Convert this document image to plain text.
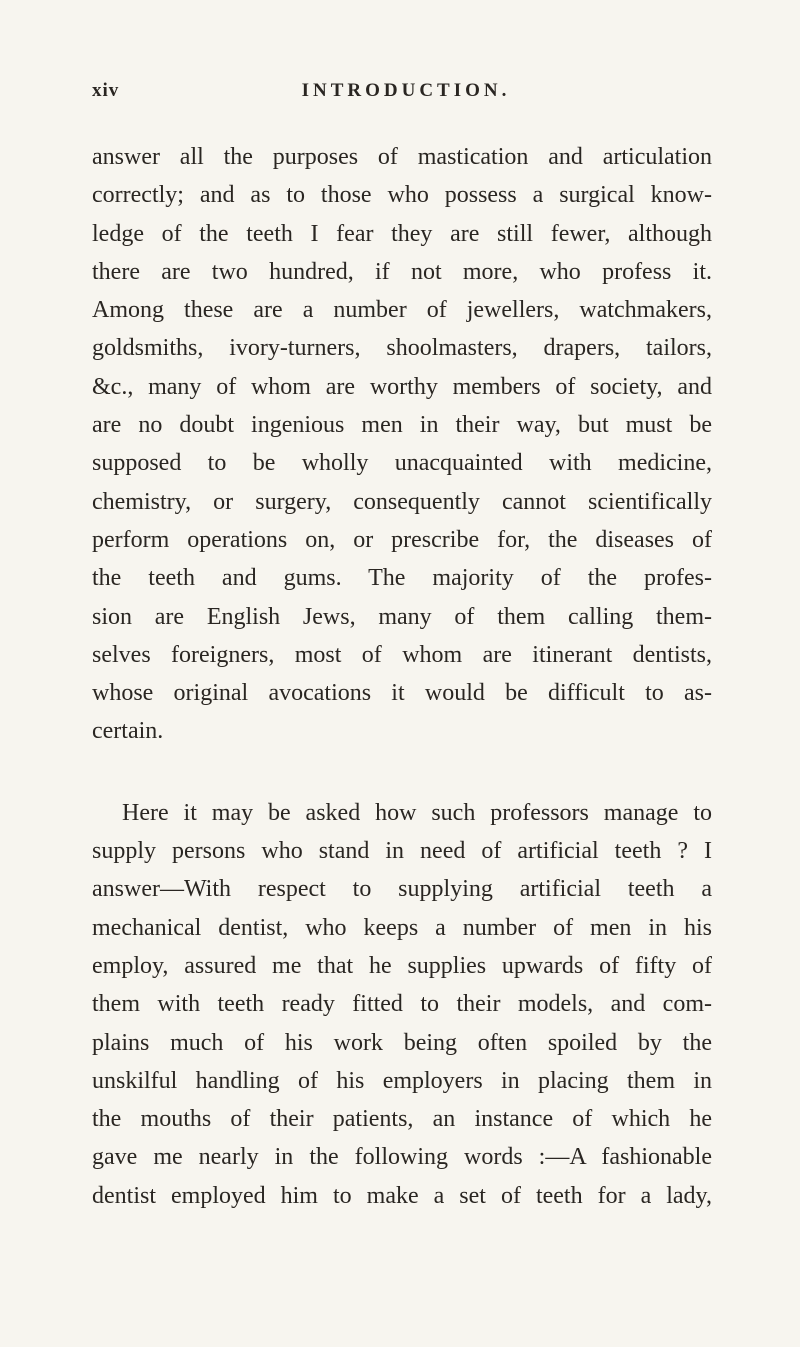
xiv	INTRODUCTION.
answer all the purposes of mastication and articulation
correctly; and as to those who possess a surgical know-
ledge of the teeth I fear they are still fewer, although
there are two hundred, if not more, who profess it.
Among these are a number of jewellers, watchmakers,
goldsmiths, ivory-turners, shoolmasters, drapers, tailors,
&c., many of whom are worthy members of society, and
are no doubt ingenious men in their way, but must be
supposed to be wholly unacquainted with medicine,
chemistry, or surgery, consequently cannot scientifically
perform operations on, or prescribe for, the diseases of
the teeth and gums. The majority of the profes-
sion are English Jews, many of them calling them-
selves foreigners, most of whom are itinerant dentists,
whose original avocations it would be difficult to as-
certain.
Here it may be asked how such professors manage to
supply persons who stand in need of artificial teeth ? I
answer—With respect to supplying artificial teeth a
mechanical dentist, who keeps a number of men in his
employ, assured me that he supplies upwards of fifty of
them with teeth ready fitted to their models, and com-
plains much of his work being often spoiled by the
unskilful handling of his employers in placing them in
the mouths of their patients, an instance of which he
gave me nearly in the following words :—A fashionable
dentist employed him to make a set of teeth for a lady,
